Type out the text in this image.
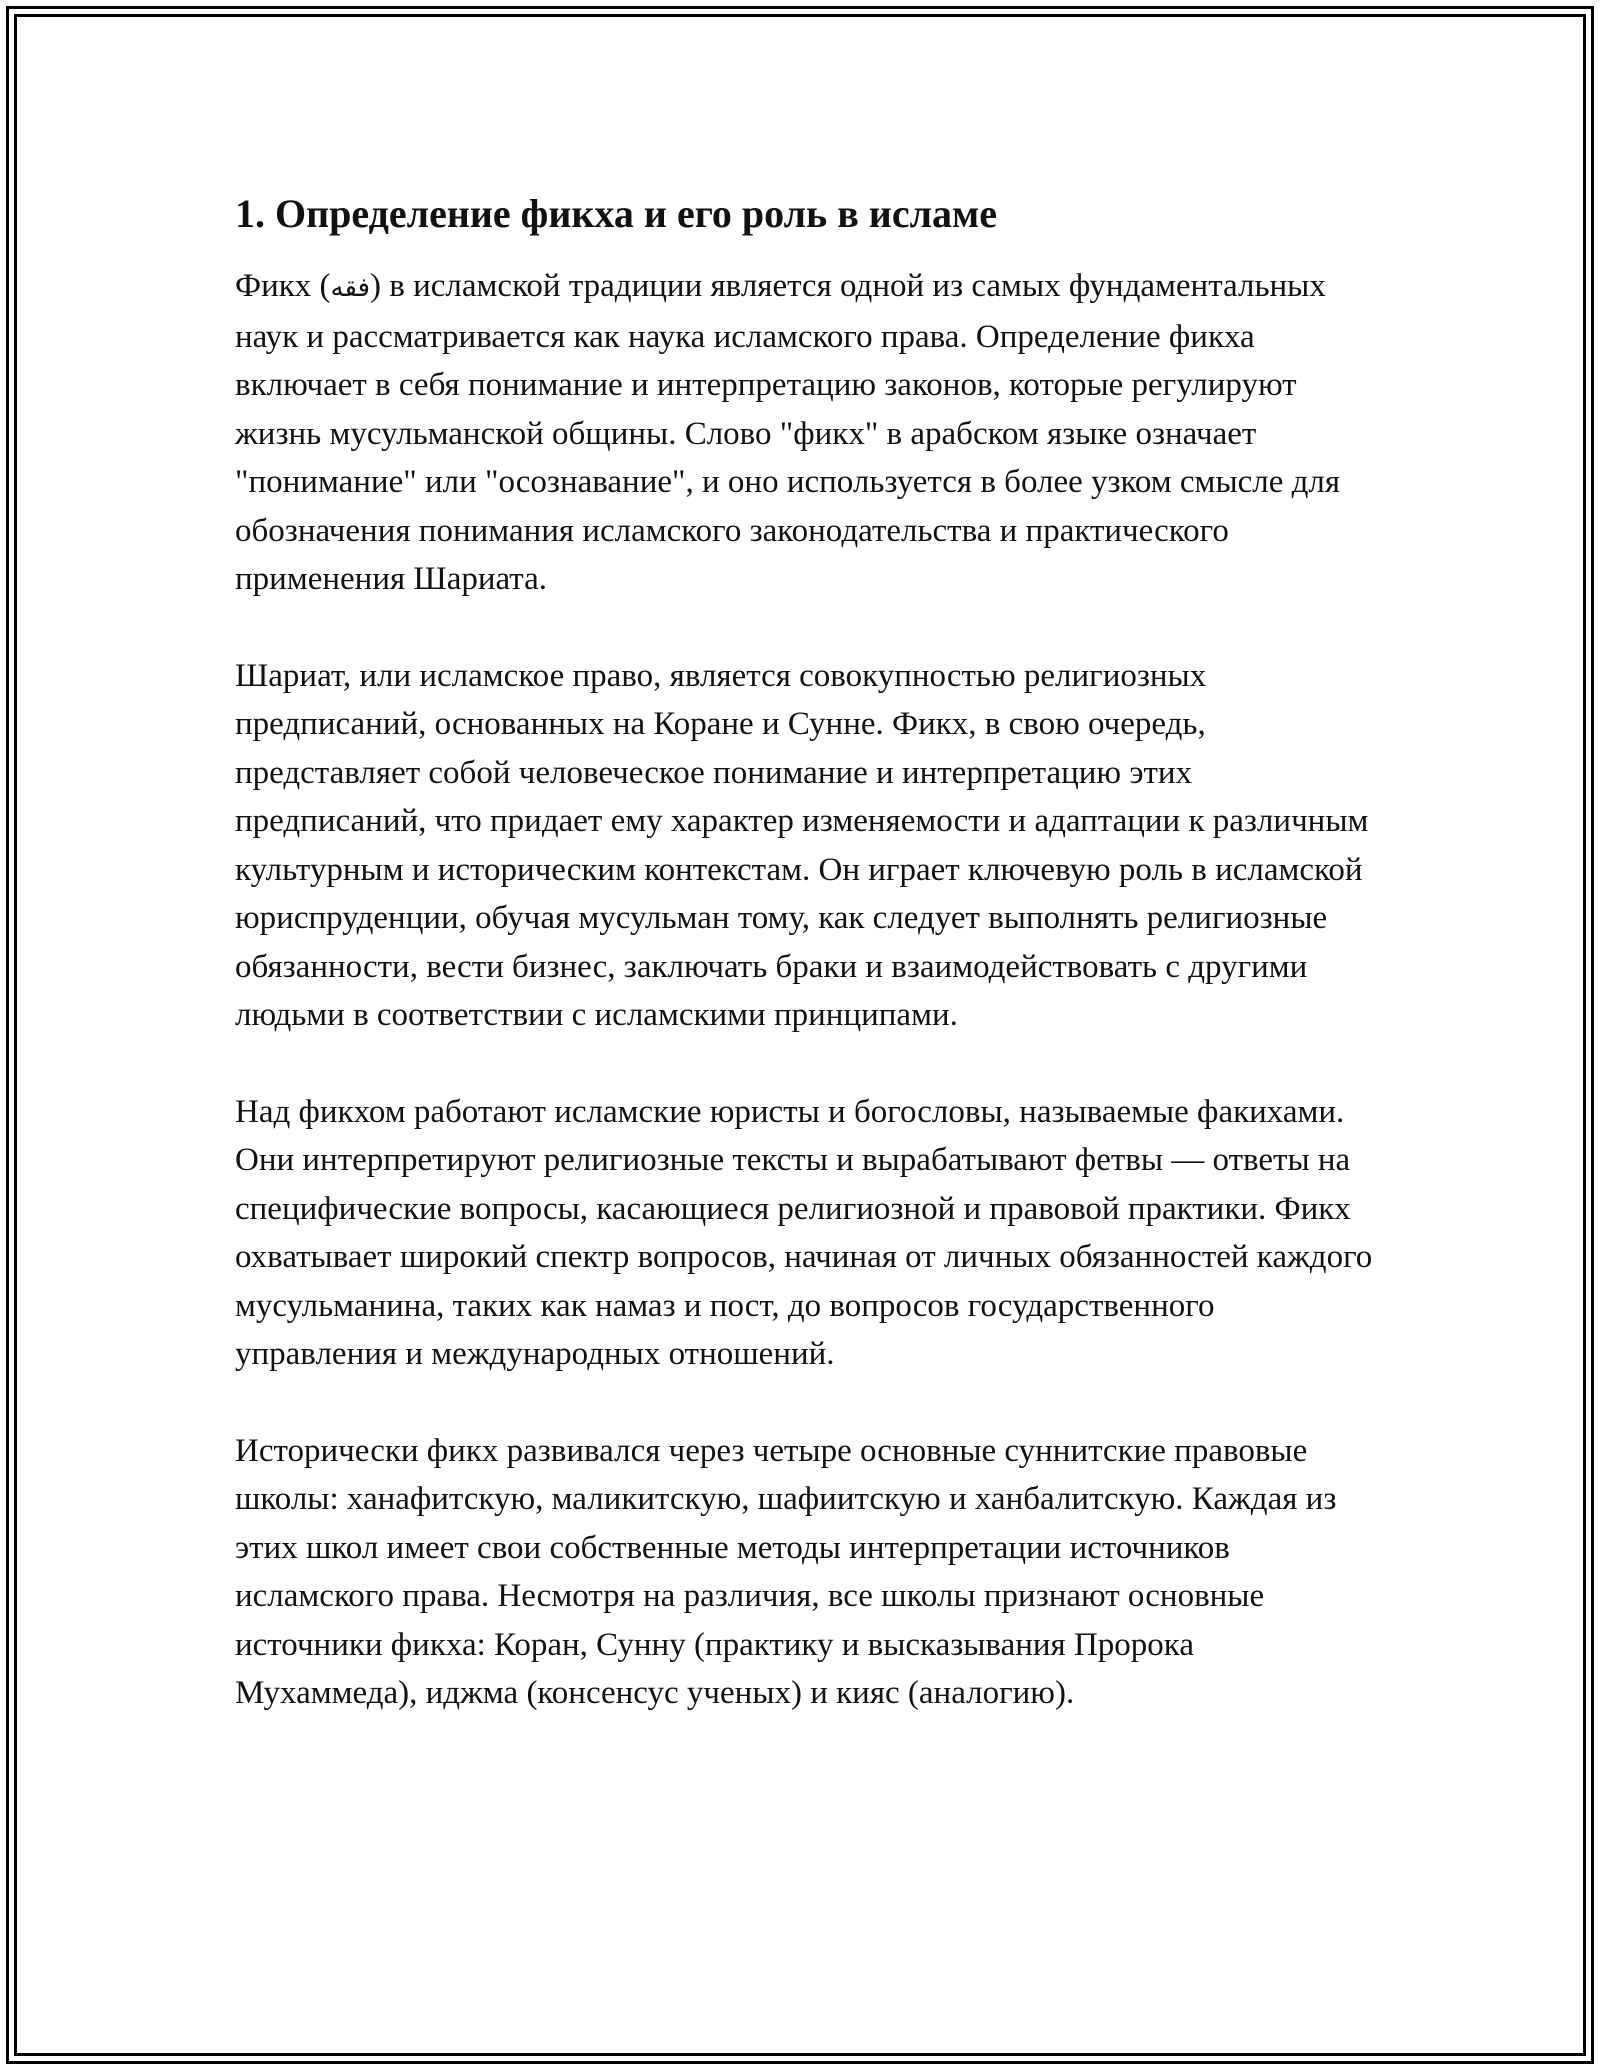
1. Определение фикха и его роль в исламе

Фикх (فقه) в исламской традиции является одной из самых фундаментальных наук и рассматривается как наука исламского права. Определение фикха включает в себя понимание и интерпретацию законов, которые регулируют жизнь мусульманской общины. Слово "фикх" в арабском языке означает "понимание" или "осознавание", и оно используется в более узком смысле для обозначения понимания исламского законодательства и практического применения Шариата.

Шариат, или исламское право, является совокупностью религиозных предписаний, основанных на Коране и Сунне. Фикх, в свою очередь, представляет собой человеческое понимание и интерпретацию этих предписаний, что придает ему характер изменяемости и адаптации к различным культурным и историческим контекстам. Он играет ключевую роль в исламской юриспруденции, обучая мусульман тому, как следует выполнять религиозные обязанности, вести бизнес, заключать браки и взаимодействовать с другими людьми в соответствии с исламскими принципами.

Над фикхом работают исламские юристы и богословы, называемые факихами. Они интерпретируют религиозные тексты и вырабатывают фетвы — ответы на специфические вопросы, касающиеся религиозной и правовой практики. Фикх охватывает широкий спектр вопросов, начиная от личных обязанностей каждого мусульманина, таких как намаз и пост, до вопросов государственного управления и международных отношений.

Исторически фикх развивался через четыре основные суннитские правовые школы: ханафитскую, маликитскую, шафиитскую и ханбалитскую. Каждая из этих школ имеет свои собственные методы интерпретации источников исламского права. Несмотря на различия, все школы признают основные источники фикха: Коран, Сунну (практику и высказывания Пророка Мухаммеда), иджма (консенсус ученых) и кияс (аналогию).
